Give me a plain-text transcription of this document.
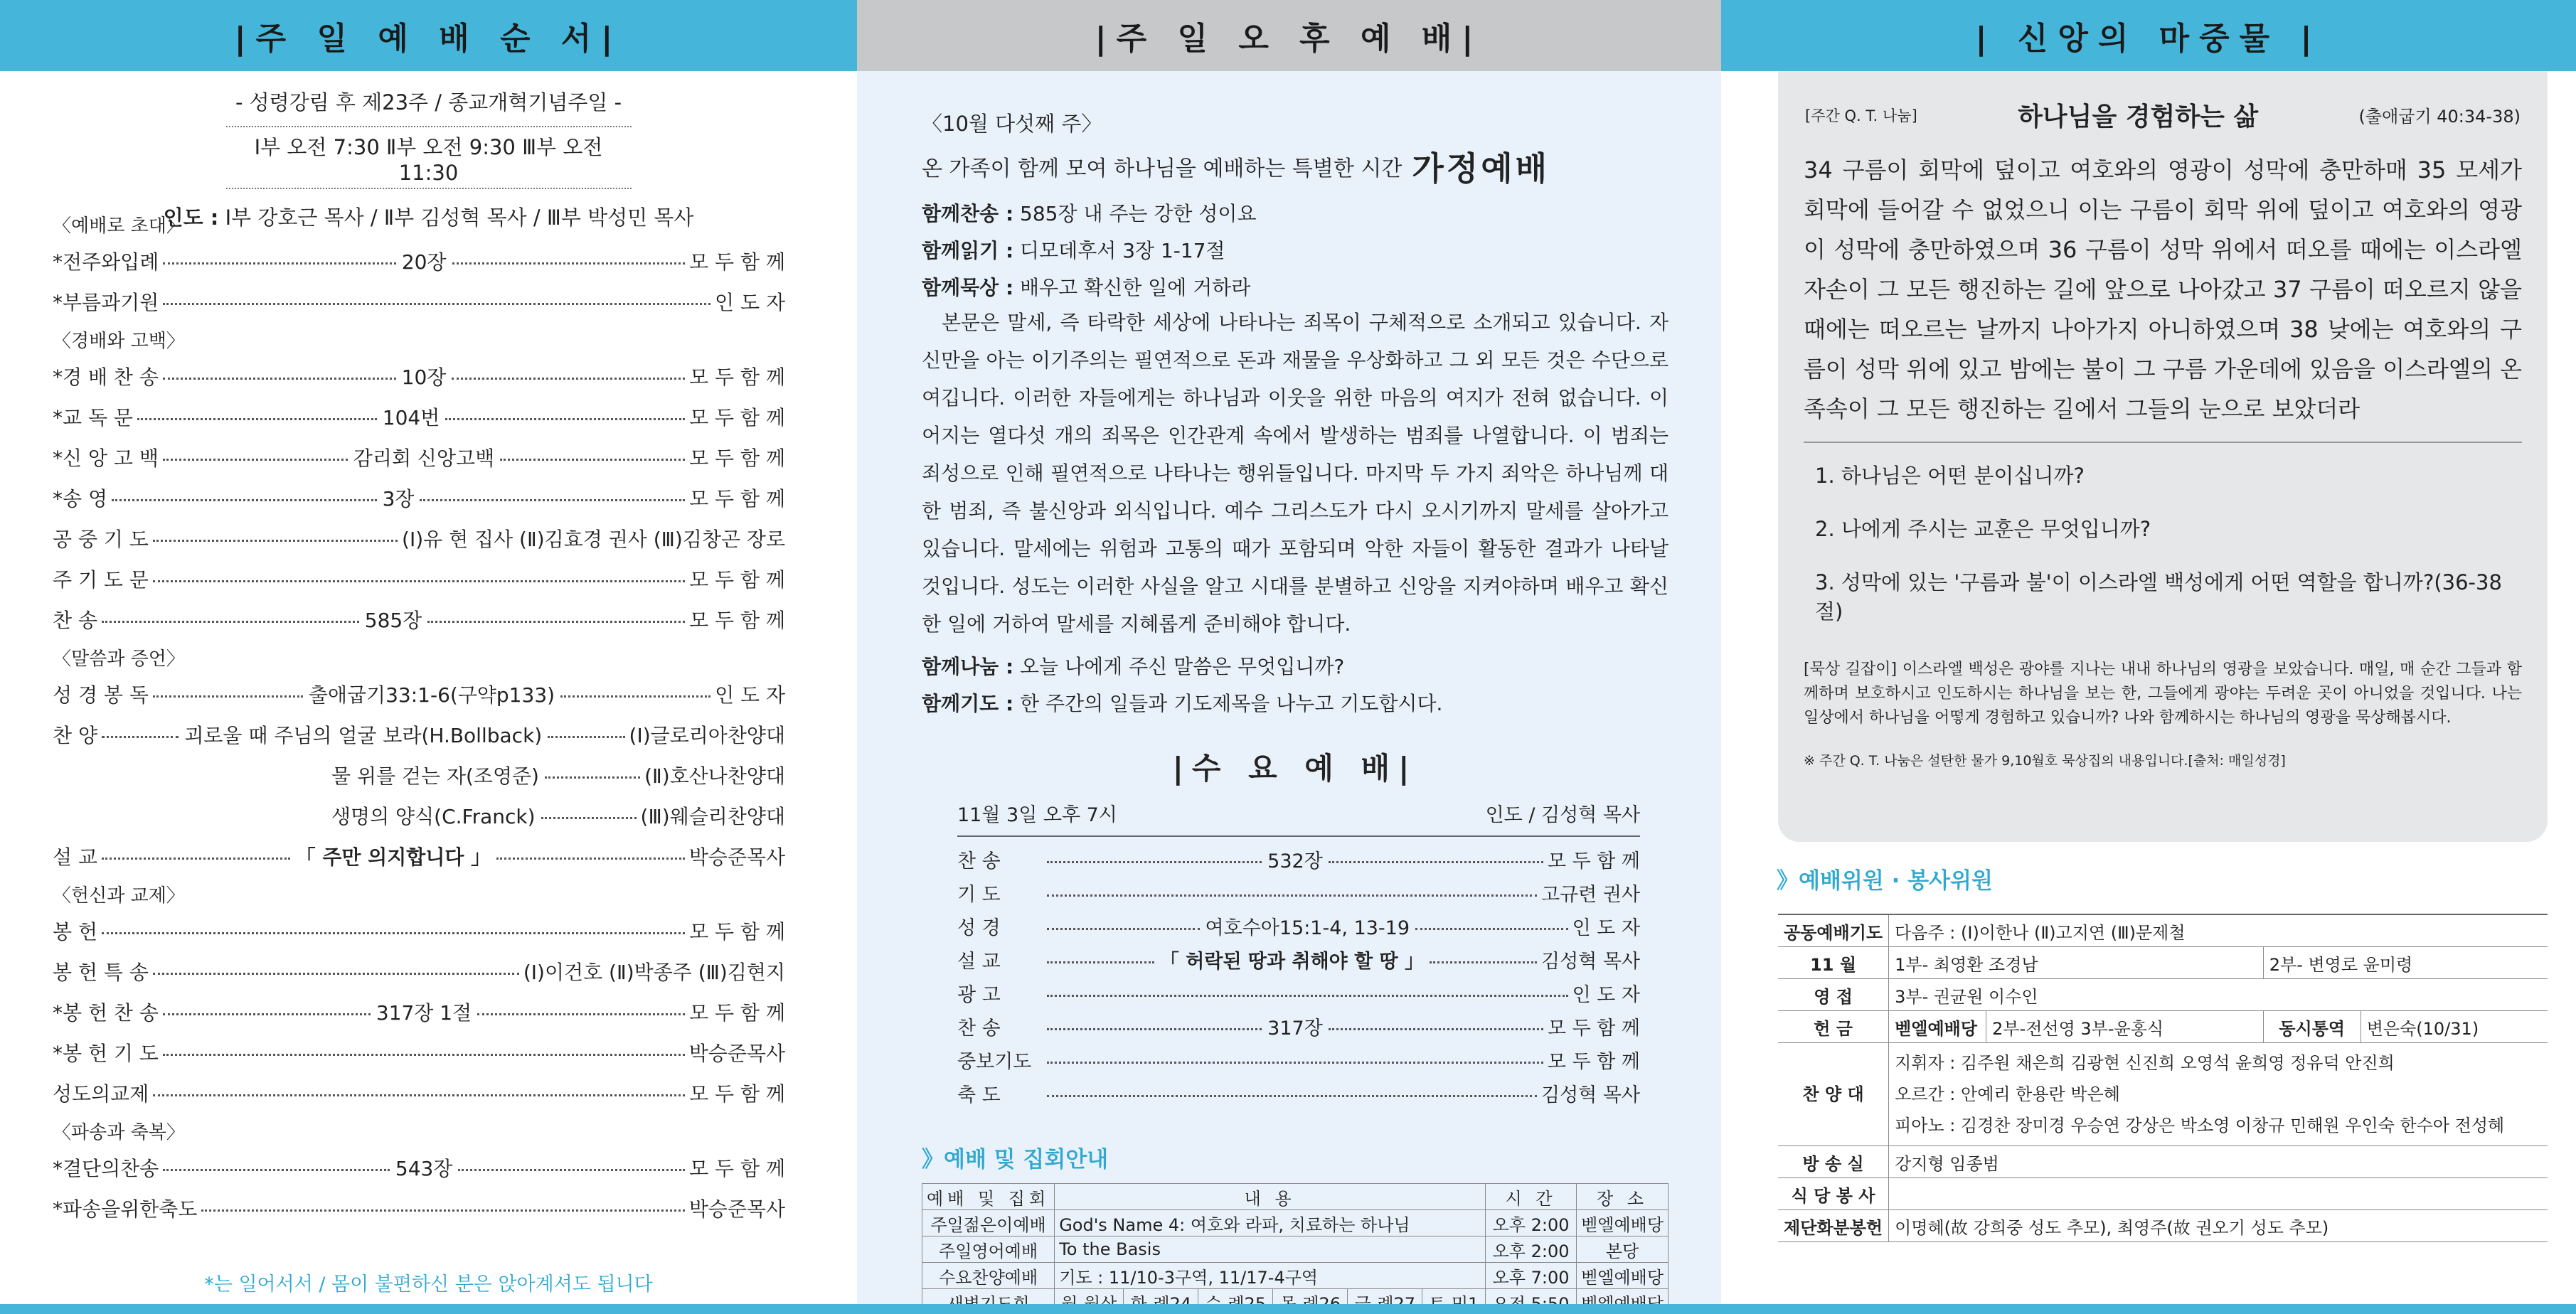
|주 일 예 배 순 서|
- 성령강림 후 제23주 / 종교개혁기념주일 -
Ⅰ부 오전 7:30 Ⅱ부 오전 9:30 Ⅲ부 오전 11:30
인도 : Ⅰ부 강호근 목사 / Ⅱ부 김성혁 목사 / Ⅲ부 박성민 목사
〈예배로 초대〉
*전주와입례	20장	모 두 함 께
*부름과기원	인 도 자
〈경배와 고백〉
*경 배 찬 송	10장	모 두 함 께
*교 독 문	104번	모 두 함 께
*신 앙 고 백	감리회 신앙고백	모 두 함 께
*송 영	3장	모 두 함 께
공 중 기 도	(Ⅰ)유 현 집사 (Ⅱ)김효경 권사 (Ⅲ)김창곤 장로
주 기 도 문	모 두 함 께
찬 송	585장	모 두 함 께
〈말씀과 증언〉
성 경 봉 독	출애굽기33:1-6(구약p133)	인 도 자
찬 양	괴로울 때 주님의 얼굴 보라(H.Bollback)	(Ⅰ)글로리아찬양대
물 위를 걷는 자(조영준)	(Ⅱ)호산나찬양대
생명의 양식(C.Franck)	(Ⅲ)웨슬리찬양대
설 교	「 주만 의지합니다 」	박승준목사
〈헌신과 교제〉
봉 헌	모 두 함 께
봉 헌 특 송	(Ⅰ)이건호 (Ⅱ)박종주 (Ⅲ)김현지
*봉 헌 찬 송	317장 1절	모 두 함 께
*봉 헌 기 도	박승준목사
성도의교제	모 두 함 께
〈파송과 축복〉
*결단의찬송	543장	모 두 함 께
*파송을위한축도	박승준목사
*는 일어서서 / 몸이 불편하신 분은 앉아계셔도 됩니다
|주 일 오 후 예 배|
〈10월 다섯째 주〉
온 가족이 함께 모여 하나님을 예배하는 특별한 시간 가정예배
함께찬송 : 585장 내 주는 강한 성이요
함께읽기 : 디모데후서 3장 1-17절
함께묵상 : 배우고 확신한 일에 거하라
본문은 말세, 즉 타락한 세상에 나타나는 죄목이 구체적으로 소개되고 있습니다. 자신만을 아는 이기주의는 필연적으로 돈과 재물을 우상화하고 그 외 모든 것은 수단으로 여깁니다. 이러한 자들에게는 하나님과 이웃을 위한 마음의 여지가 전혀 없습니다. 이어지는 열다섯 개의 죄목은 인간관계 속에서 발생하는 범죄를 나열합니다. 이 범죄는 죄성으로 인해 필연적으로 나타나는 행위들입니다. 마지막 두 가지 죄악은 하나님께 대한 범죄, 즉 불신앙과 외식입니다. 예수 그리스도가 다시 오시기까지 말세를 살아가고 있습니다. 말세에는 위험과 고통의 때가 포함되며 악한 자들이 활동한 결과가 나타날 것입니다. 성도는 이러한 사실을 알고 시대를 분별하고 신앙을 지켜야하며 배우고 확신한 일에 거하여 말세를 지혜롭게 준비해야 합니다.
함께나눔 : 오늘 나에게 주신 말씀은 무엇입니까?
함께기도 : 한 주간의 일들과 기도제목을 나누고 기도합시다.
|수 요 예 배|
11월 3일 오후 7시	인도 / 김성혁 목사
찬 송	532장	모 두 함 께
기 도	고규련 권사
성 경	여호수아15:1-4, 13-19	인 도 자
설 교	「 허락된 땅과 취해야 할 땅 」	김성혁 목사
광 고	인 도 자
찬 송	317장	모 두 함 께
중보기도	모 두 함 께
축 도	김성혁 목사
》예배 및 집회안내
예배 및 집회	내 용						시 간	장 소
주일젊은이예배	God's Name 4: 여호와 라파, 치료하는 하나님						오후 2:00	벧엘예배당
주일영어예배	To the Basis						오후 2:00	본당
수요찬양예배	기도 : 11/10-3구역, 11/17-4구역						오후 7:00	벧엘예배당

| 신앙의 마중물 |
[주간 Q. T. 나눔]	하나님을 경험하는 삶	(출애굽기 40:34-38)
34 구름이 회막에 덮이고 여호와의 영광이 성막에 충만하매 35 모세가 회막에 들어갈 수 없었으니 이는 구름이 회막 위에 덮이고 여호와의 영광이 성막에 충만하였으며 36 구름이 성막 위에서 떠오를 때에는 이스라엘 자손이 그 모든 행진하는 길에 앞으로 나아갔고 37 구름이 떠오르지 않을 때에는 떠오르는 날까지 나아가지 아니하였으며 38 낮에는 여호와의 구름이 성막 위에 있고 밤에는 불이 그 구름 가운데에 있음을 이스라엘의 온 족속이 그 모든 행진하는 길에서 그들의 눈으로 보았더라
1. 하나님은 어떤 분이십니까?
2. 나에게 주시는 교훈은 무엇입니까?
3. 성막에 있는 '구름과 불'이 이스라엘 백성에게 어떤 역할을 합니까?(36-38절)
[묵상 길잡이] 이스라엘 백성은 광야를 지나는 내내 하나님의 영광을 보았습니다. 매일, 매 순간 그들과 함께하며 보호하시고 인도하시는 하나님을 보는 한, 그들에게 광야는 두려운 곳이 아니었을 것입니다. 나는 일상에서 하나님을 어떻게 경험하고 있습니까? 나와 함께하시는 하나님의 영광을 묵상해봅시다.
※ 주간 Q. T. 나눔은 설탄한 물가 9,10월호 묵상집의 내용입니다.[출처: 매일성경]
》예배위원 · 봉사위원
공동예배기도	다음주 : (Ⅰ)이한나 (Ⅱ)고지연 (Ⅲ)문제철			
11 월	1부- 최영환 조경남		2부- 변영로 윤미령	
영 접	3부- 권균원 이수인			
헌 금	벧엘예배당	2부-전선영 3부-윤홍식	동시통역	변은숙(10/31)
찬 양 대	지휘자 : 김주원 채은희 김광현 신진희 오영석 윤희영 정유덕 안진희
오르간 : 안예리 한용란 박은혜
피아노 : 김경찬 장미경 우승연 강상은 박소영 이창규 민해원 우인숙 한수아 전성혜			

방 송 실	강지형 임종범			
식 당 봉 사				
제단화분봉헌	이명혜(故 강희중 성도 추모), 최영주(故 권오기 성도 추모)			
